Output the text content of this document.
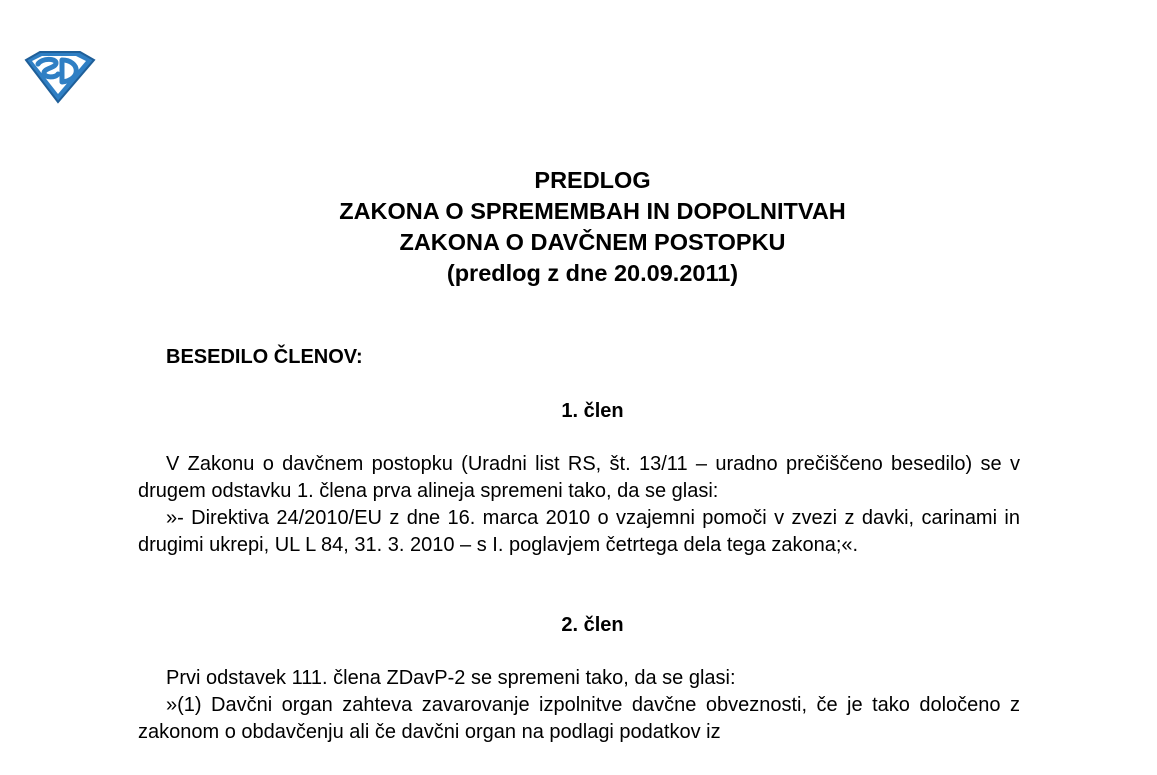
PREDLOG
ZAKONA O SPREMEMBAH IN DOPOLNITVAH
ZAKONA O DAVČNEM POSTOPKU
(predlog z dne 20.09.2011)
BESEDILO ČLENOV:
1. člen

V Zakonu o davčnem postopku (Uradni list RS, št. 13/11 – uradno prečiščeno besedilo) se v drugem odstavku 1. člena prva alineja spremeni tako, da se glasi:

»- Direktiva 24/2010/EU z dne 16. marca 2010 o vzajemni pomoči v zvezi z davki, carinami in drugimi ukrepi, UL L 84, 31. 3. 2010 – s I. poglavjem četrtega dela tega zakona;«.

2. člen

Prvi odstavek 111. člena ZDavP-2 se spremeni tako, da se glasi:

»(1) Davčni organ zahteva zavarovanje izpolnitve davčne obveznosti, če je tako določeno z zakonom o obdavčenju ali če davčni organ na podlagi podatkov iz
